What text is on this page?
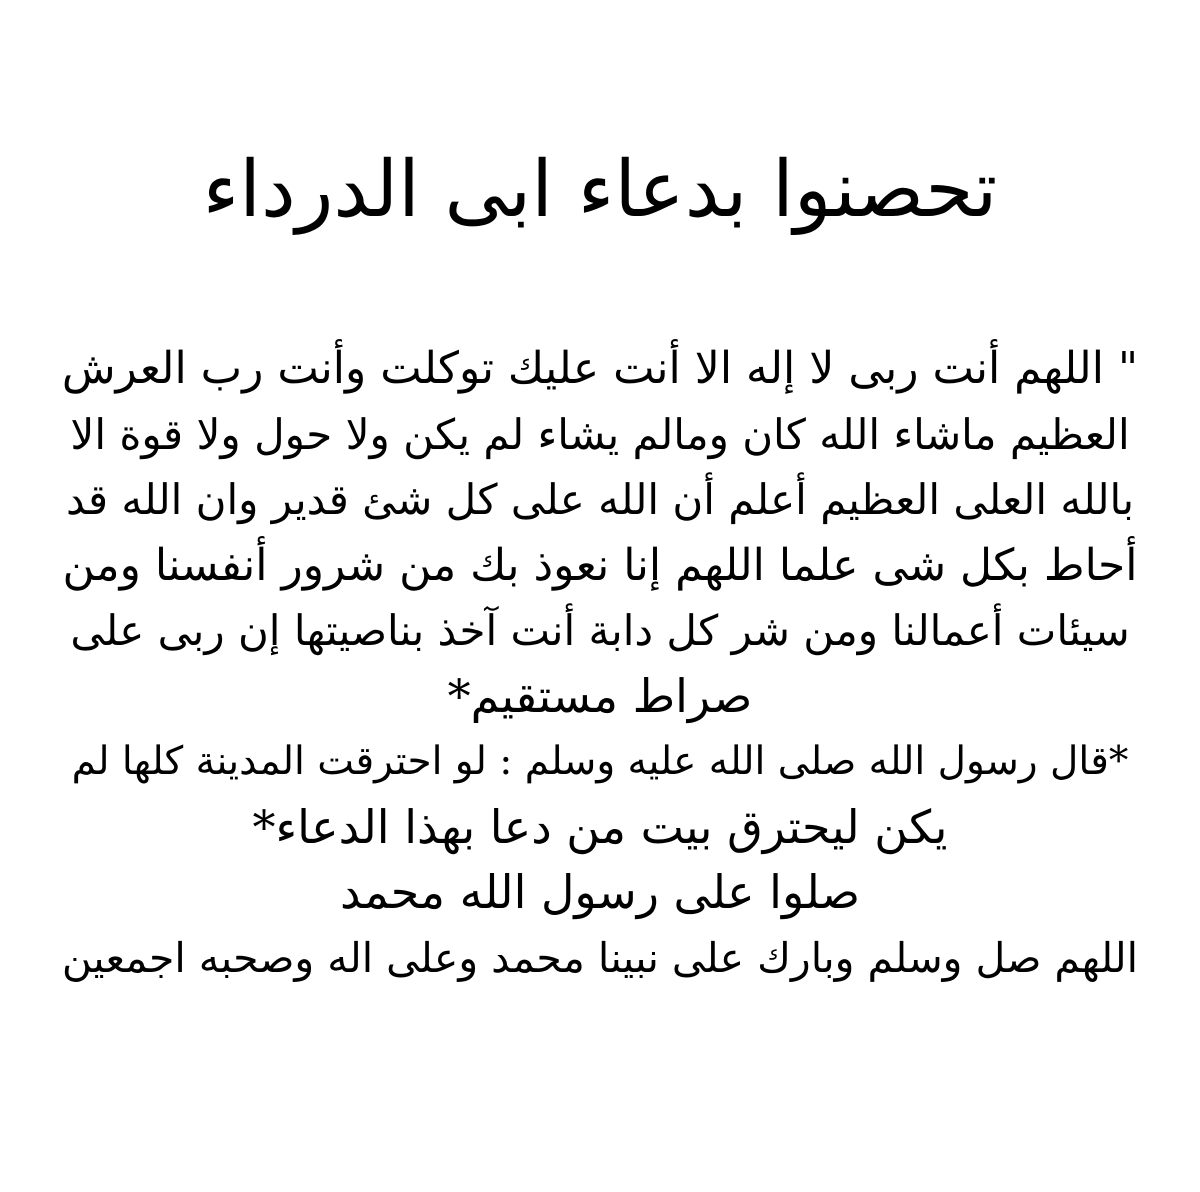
تحصنوا بدعاء ابى الدرداء
" اللهم أنت ربى لا إله الا أنت عليك توكلت وأنت رب العرش
العظيم ماشاء الله كان ومالم يشاء لم يكن ولا حول ولا قوة الا
بالله العلى العظيم أعلم أن الله على كل شئ قدير وان الله قد
أحاط بكل شى علما اللهم إنا نعوذ بك من شرور أنفسنا ومن
سيئات أعمالنا ومن شر كل دابة أنت آخذ بناصيتها إن ربى على
صراط مستقيم*
*قال رسول الله صلى الله عليه وسلم : لو احترقت المدينة كلها لم
يكن ليحترق بيت من دعا بهذا الدعاء*
صلوا على رسول الله محمد
اللهم صل وسلم وبارك على نبينا محمد وعلى اله وصحبه اجمعين
